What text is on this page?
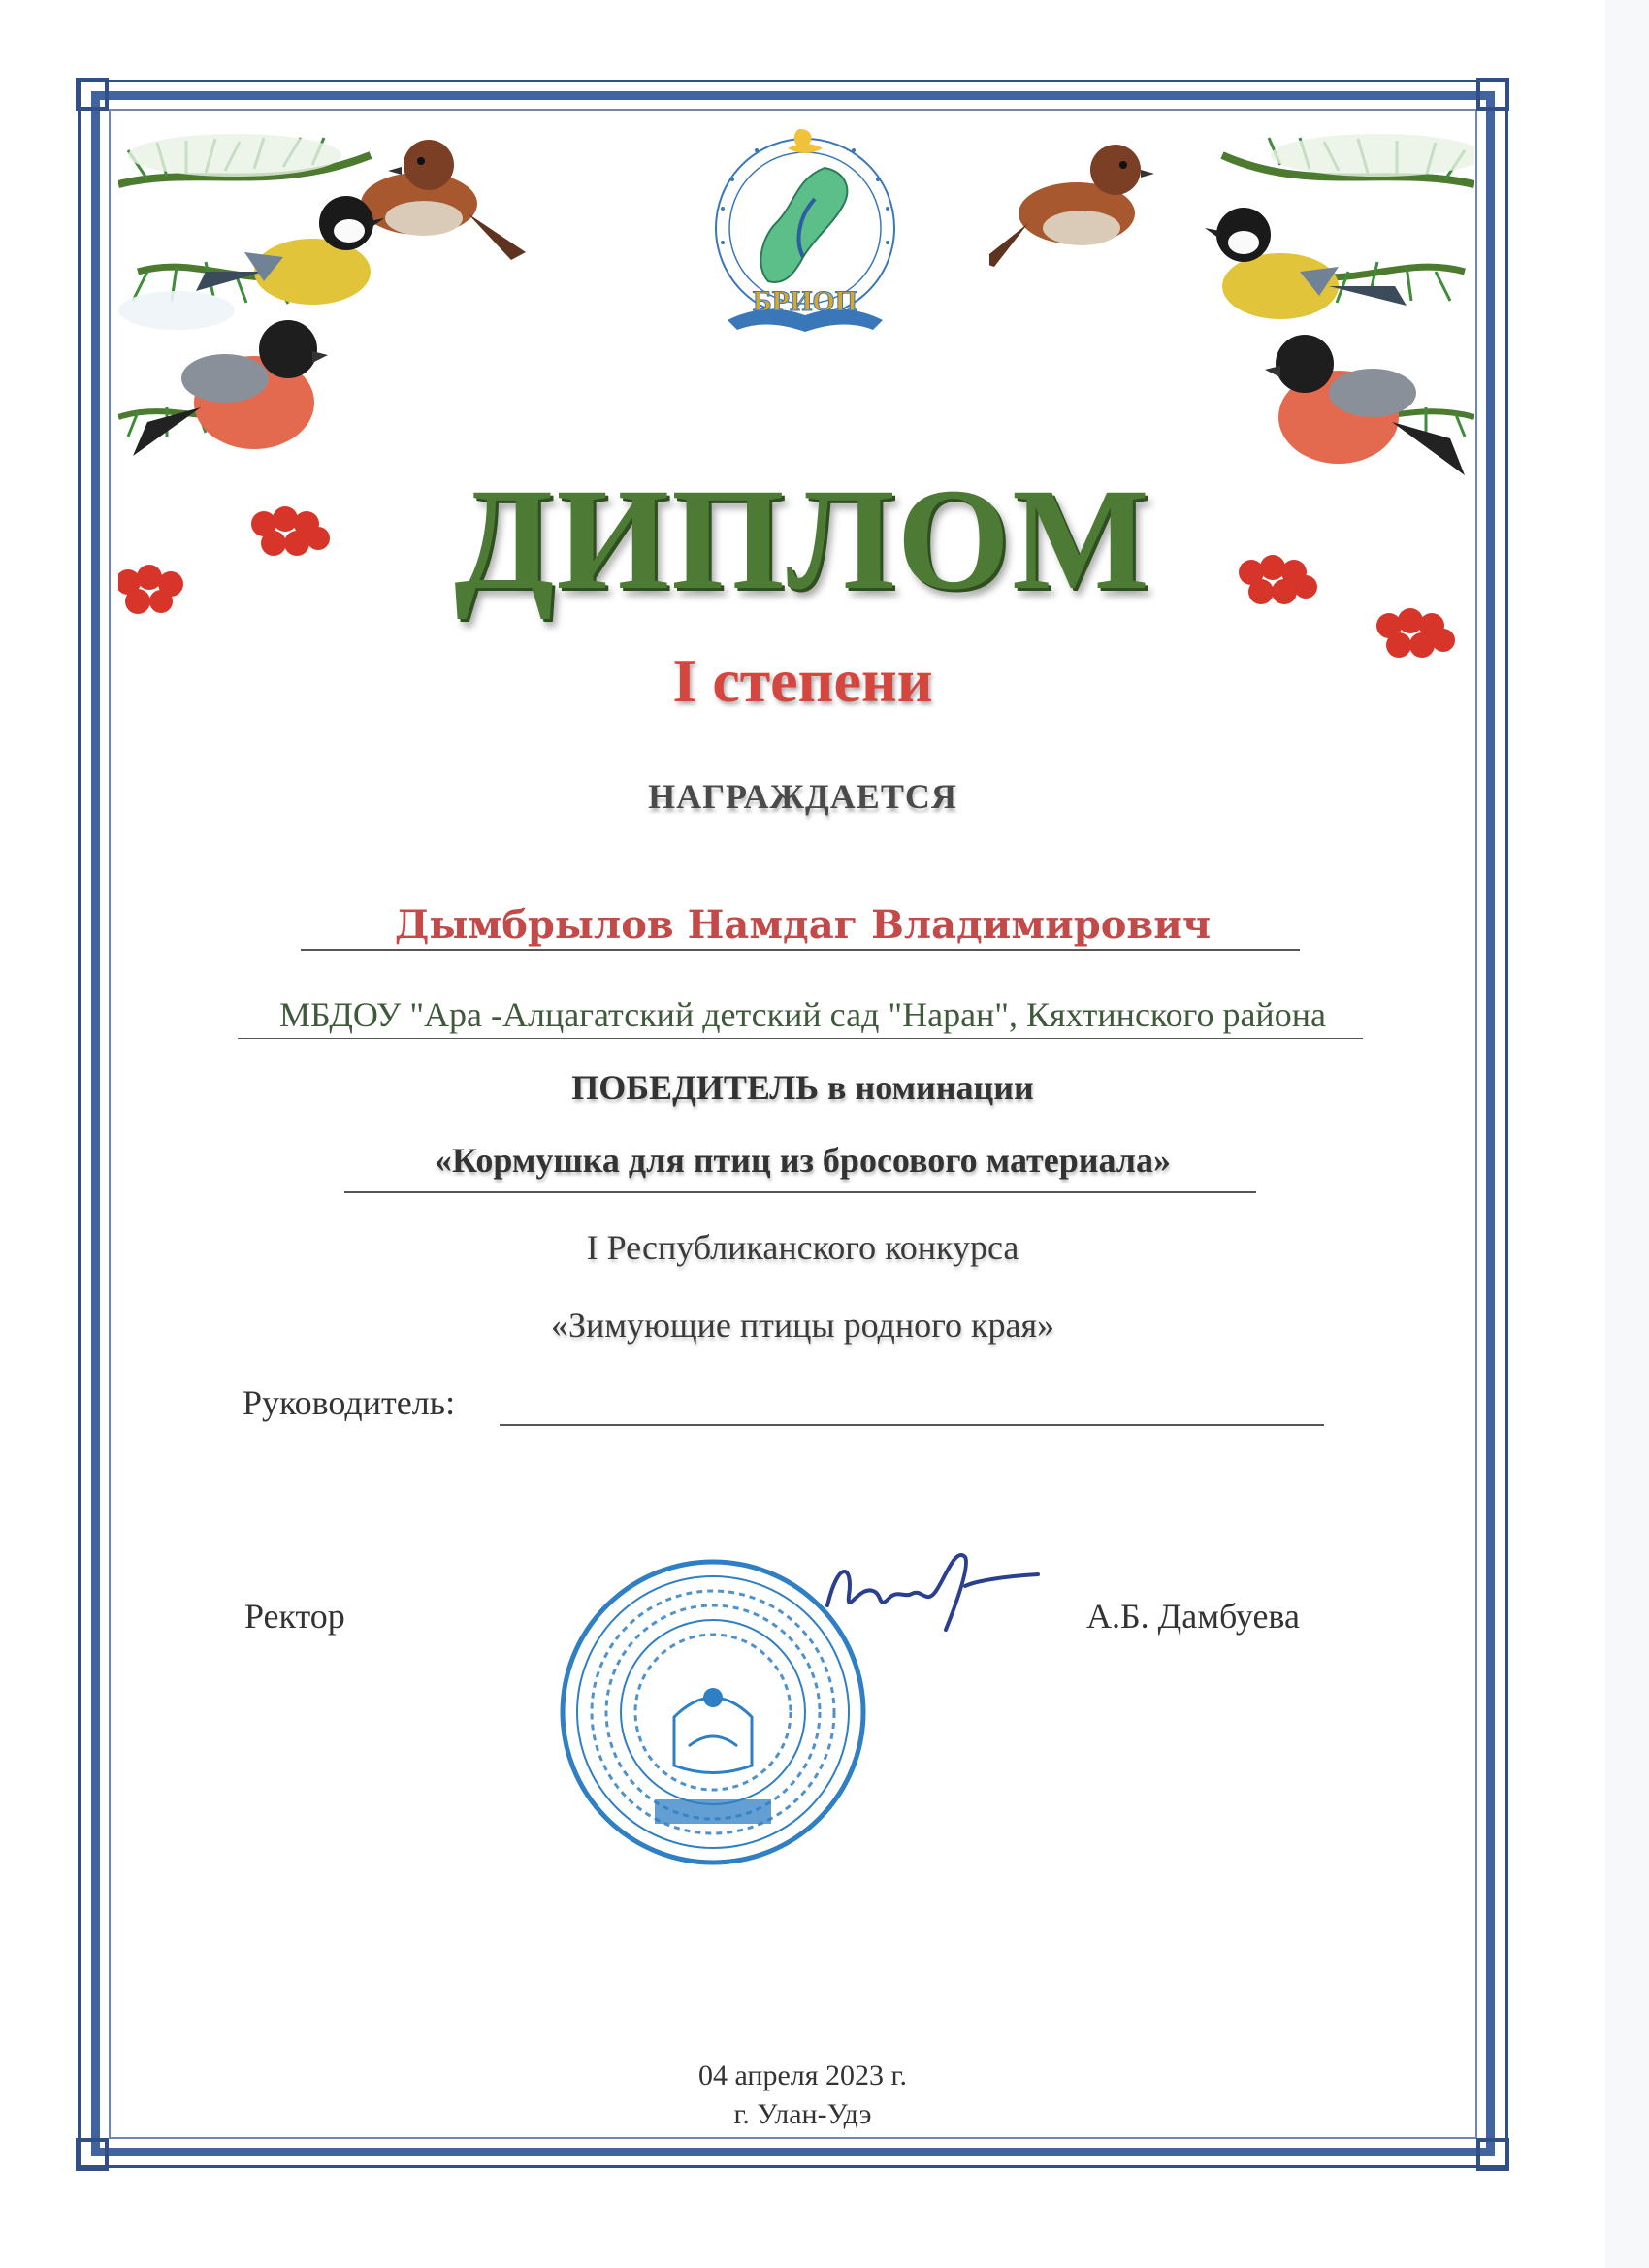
БРИОП
ДИПЛОМ
I степени
НАГРАЖДАЕТСЯ
Дымбрылов Намдаг Владимирович
МБДОУ "Ара -Алцагатский детский сад "Наран", Кяхтинского района
ПОБЕДИТЕЛЬ в номинации
«Кормушка для птиц из бросового материала»
I Республиканского конкурса
«Зимующие птицы родного края»
Руководитель:
Ректор	А.Б. Дамбуева
04 апреля 2023 г.
г. Улан-Удэ
